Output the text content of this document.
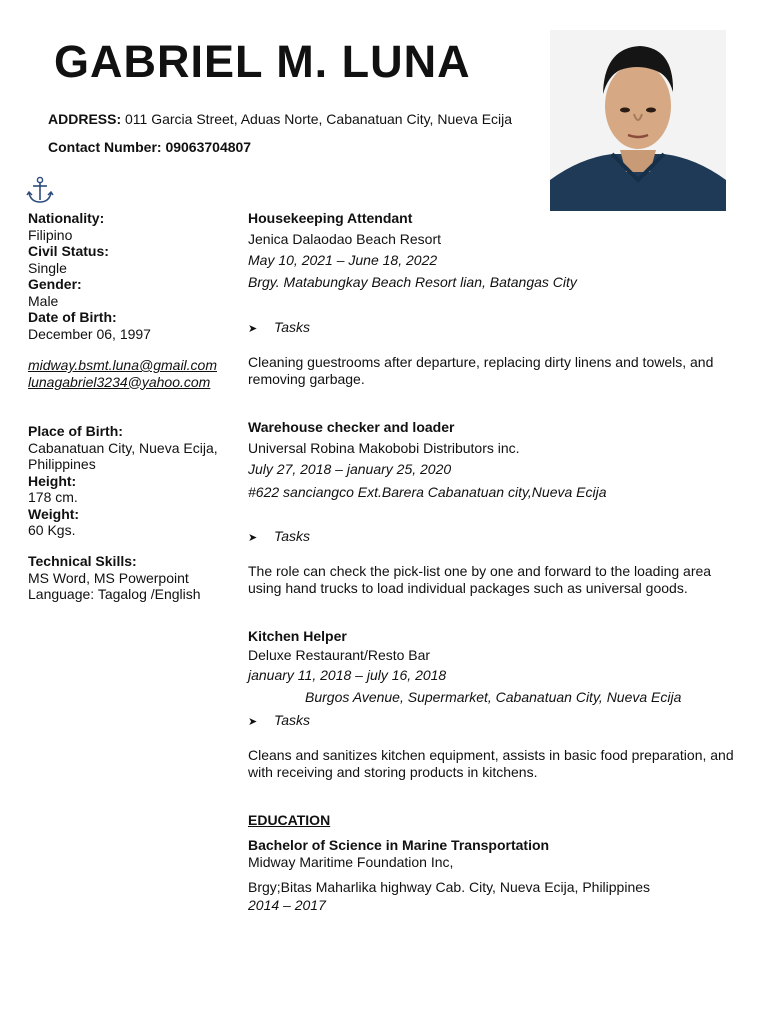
GABRIEL M. LUNA
ADDRESS: 011 Garcia Street, Aduas Norte, Cabanatuan City, Nueva Ecija
Contact Number: 09063704807
Nationality:
Filipino
Civil Status:
Single
Gender:
Male
Date of Birth:
December 06, 1997
midway.bsmt.luna@gmail.com
lunagabriel3234@yahoo.com
Place of Birth:
Cabanatuan City, Nueva Ecija,
Philippines
Height:
178 cm.
Weight:
60 Kgs.
Technical Skills:
MS Word, MS Powerpoint
Language: Tagalog /English
Housekeeping Attendant
Jenica Dalaodao Beach Resort
May 10, 2021 – June 18, 2022
Brgy. Matabungkay Beach Resort lian, Batangas City
➤ Tasks
Cleaning guestrooms after departure, replacing dirty linens and towels, and
removing garbage.
Warehouse checker and loader
Universal Robina Makobobi Distributors inc.
July 27, 2018 – january 25, 2020
#622 sanciangco Ext.Barera Cabanatuan city,Nueva Ecija
➤ Tasks
The role can check the pick-list one by one and forward to the loading area
using hand trucks to load individual packages such as universal goods.
Kitchen Helper
Deluxe Restaurant/Resto Bar
january 11, 2018 – july 16, 2018
Burgos Avenue, Supermarket, Cabanatuan City, Nueva Ecija
➤ Tasks
Cleans and sanitizes kitchen equipment, assists in basic food preparation, and
with receiving and storing products in kitchens.
EDUCATION
Bachelor of Science in Marine Transportation
Midway Maritime Foundation Inc,
Brgy;Bitas Maharlika highway Cab. City, Nueva Ecija, Philippines
2014 – 2017
